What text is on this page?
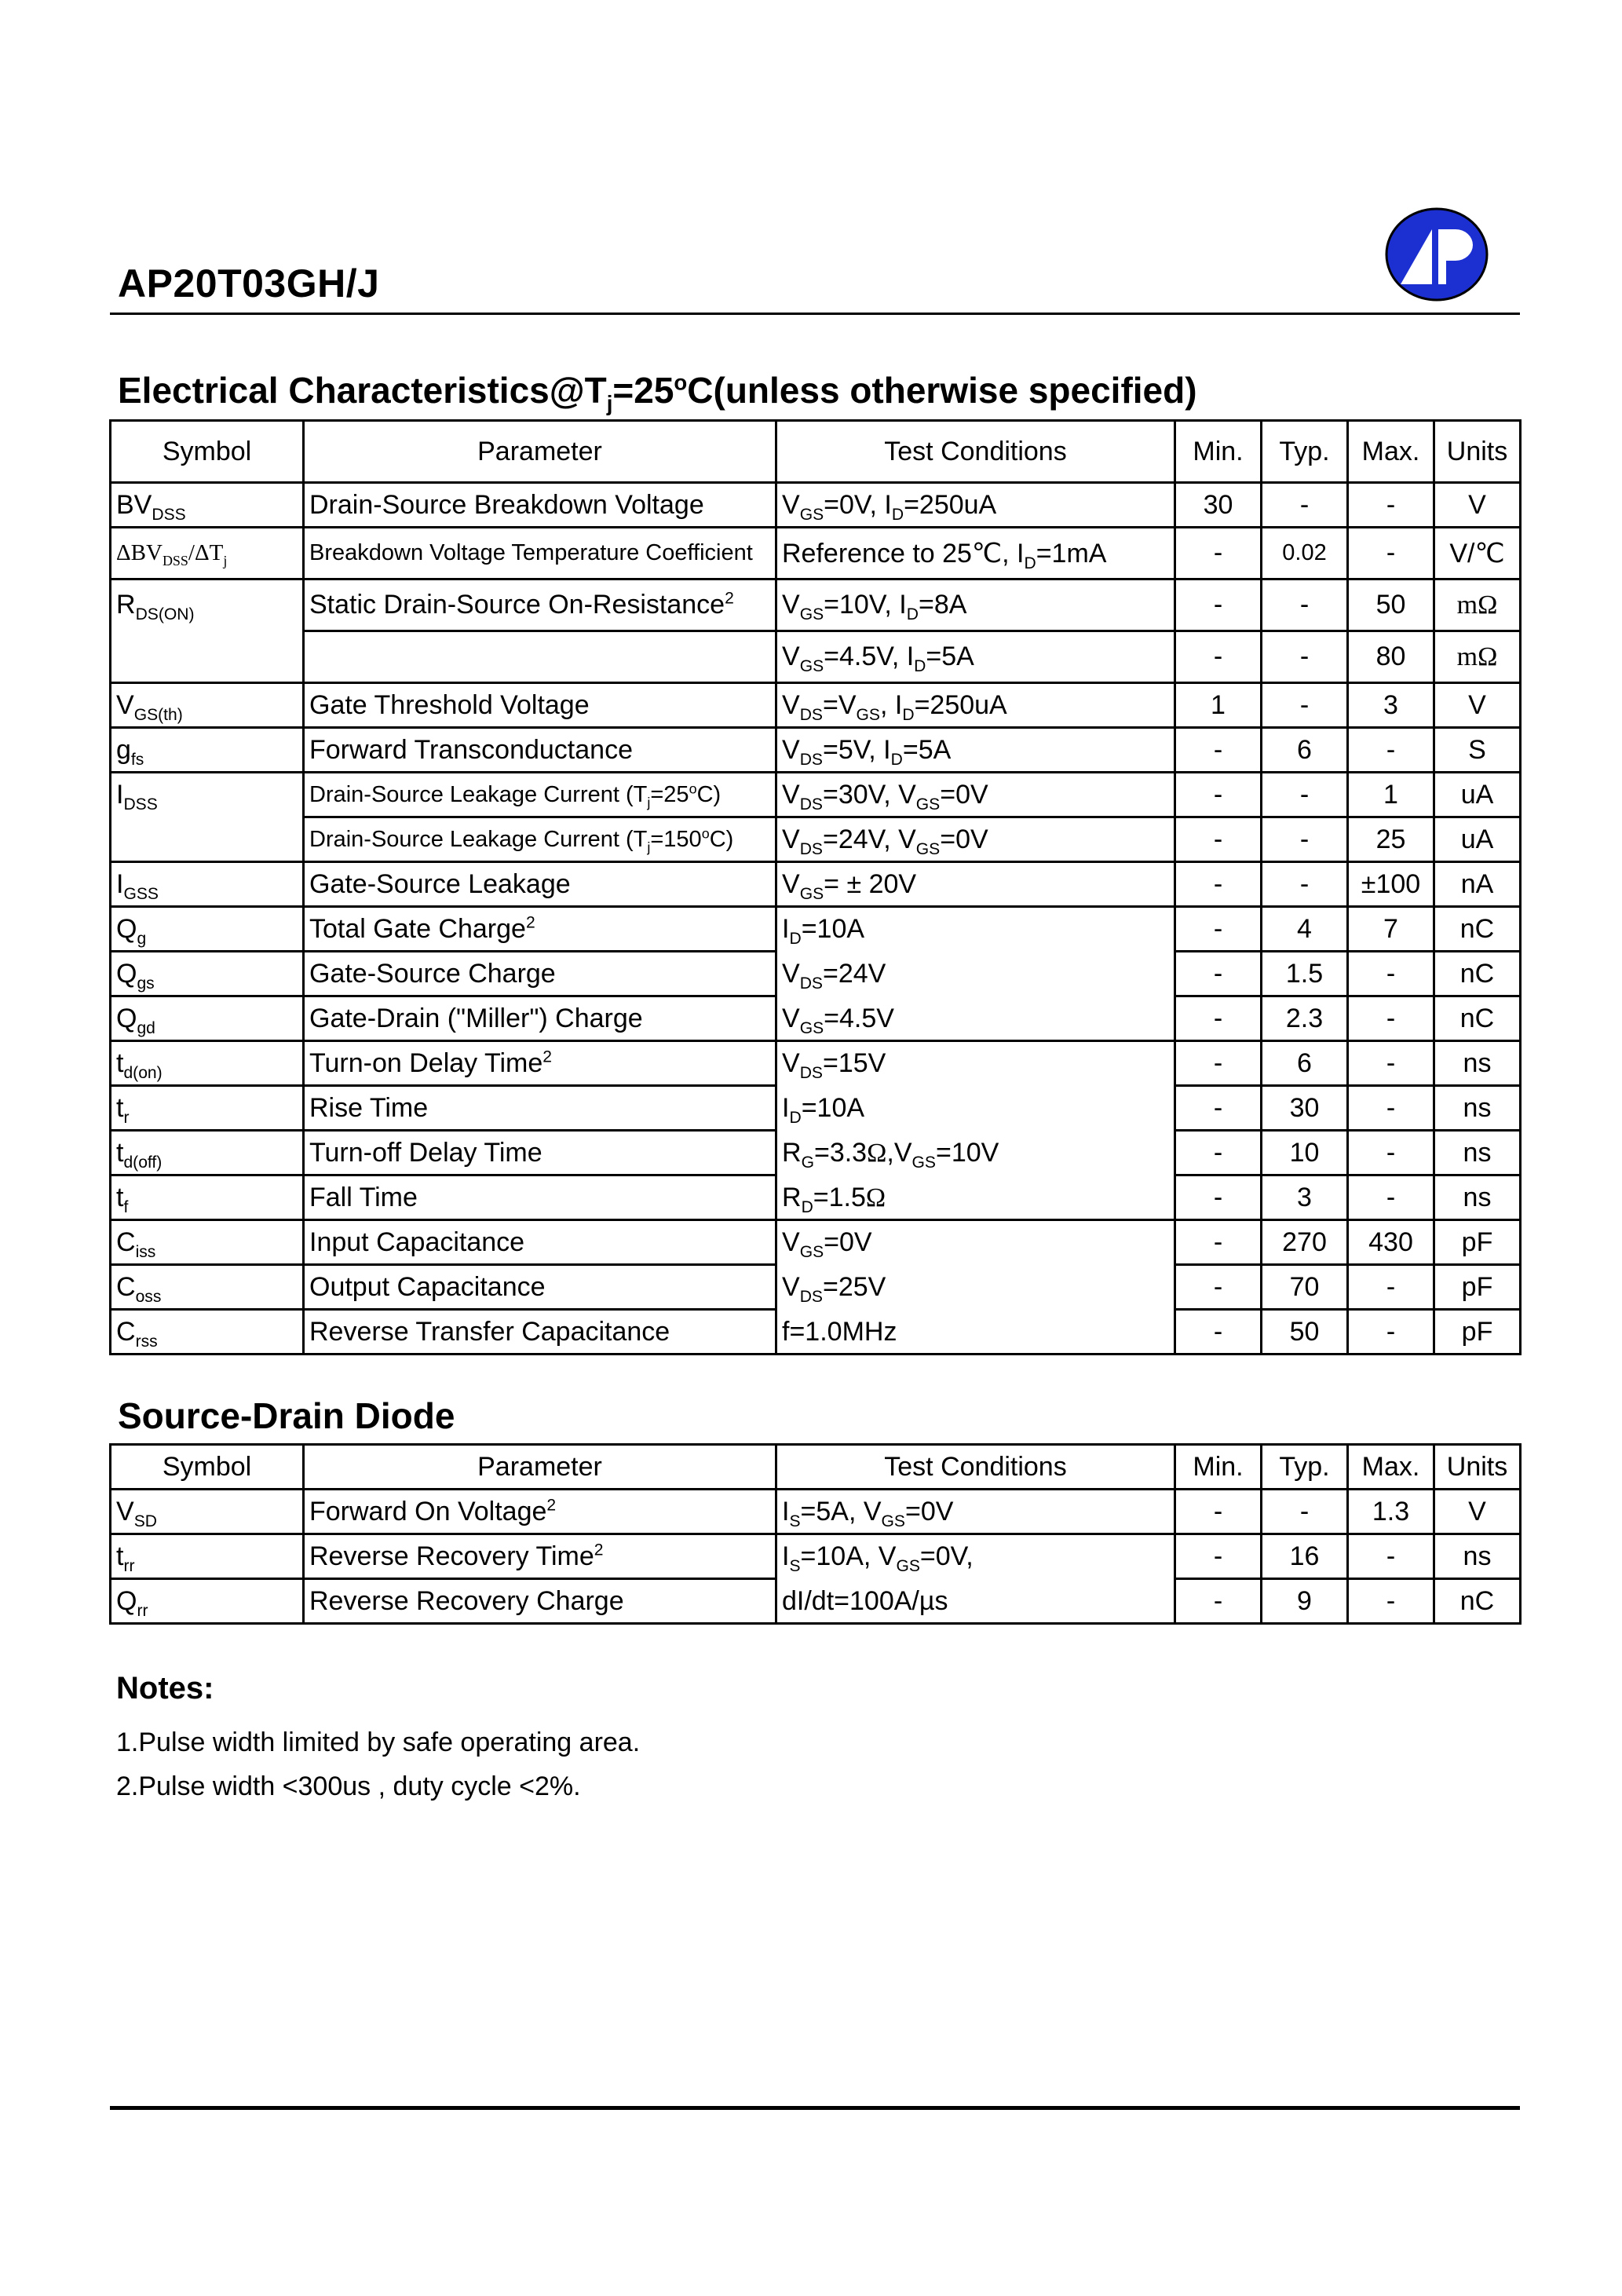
AP20T03GH/J
Electrical $Characteristics@T_j=25^oC(unless$ otherwise specified)
Symbol	Parameter	Test Conditions	Min.	Typ.	Max.	Units
$BV_{DSS}$	Drain-Source Breakdown Voltage	$V_{GS}=0V$, $I_D=250uA$	30	-	-	V
$\Delta BV_{DSS}/\Delta T_j$	Breakdown Voltage Temperature Coefficient	Reference to 25℃, $I_D=1mA$	-	0.02	-	V/℃
$R_{DS(ON)}$	Static Drain-Source On-Resistance$^2$	$V_{GS}=10V$, $I_D=8A$	-	-	50	mΩ
		$V_{GS}=4.5V$, $I_D=5A$	-	-	80	mΩ
$V_{GS(th)}$	Gate Threshold Voltage	$V_{DS}=V_{GS}$, $I_D=250uA$	1	-	3	V
$g_{fs}$	Forward Transconductance	$V_{DS}=5V$, $I_D=5A$	-	6	-	S
$I_{DSS}$	Drain-Source Leakage Current $(T_j=25^oC)$	$V_{DS}=30V$, $V_{GS}=0V$	-	-	1	uA
	Drain-Source Leakage Current $(T_j=150^oC)$	$V_{DS}=24V$, $V_{GS}=0V$	-	-	25	uA
$I_{GSS}$	Gate-Source Leakage	$V_{GS}= \pm 20V$	-	-	±100	nA
$Q_g$	Total Gate Charge$^2$	$I_D=10A$	-	4	7	nC
$Q_{gs}$	Gate-Source Charge	$V_{DS}=24V$	-	1.5	-	nC
$Q_{gd}$	Gate-Drain ("Miller") Charge	$V_{GS}=4.5V$	-	2.3	-	nC
$t_{d(on)}$	Turn-on Delay Time$^2$	$V_{DS}=15V$	-	6	-	ns
$t_r$	Rise Time	$I_D=10A$	-	30	-	ns
$t_{d(off)}$	Turn-off Delay Time	$R_G=3.3\Omega,V_{GS}=10V$	-	10	-	ns
$t_f$	Fall Time	$R_D=1.5\Omega$	-	3	-	ns
$C_{iss}$	Input Capacitance	$V_{GS}=0V$	-	270	430	pF
$C_{oss}$	Output Capacitance	$V_{DS}=25V$	-	70	-	pF
$C_{rss}$	Reverse Transfer Capacitance	f=1.0MHz	-	50	-	pF
Source-Drain Diode
Symbol	Parameter	Test Conditions	Min.	Typ.	Max.	Units
$V_{SD}$	Forward On Voltage$^2$	$I_S=5A$, $V_{GS}=0V$	-	-	1.3	V
$t_{rr}$	Reverse Recovery Time$^2$	$I_S=10A$, $V_{GS}=0V$,	-	16	-	ns
$Q_{rr}$	Reverse Recovery Charge	dI/dt=100A/µs	-	9	-	nC
Notes:
1.Pulse width limited by safe operating area.
2.Pulse width <300us , duty cycle <2%.
